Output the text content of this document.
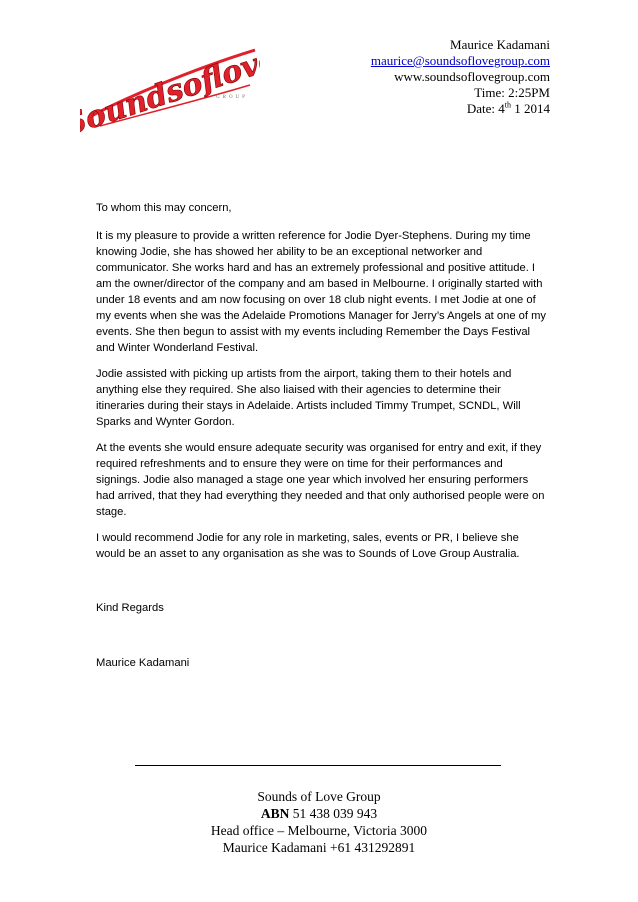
Soundsoflove
GROUP
Maurice Kadamani
maurice@soundsoflovegroup.com
www.soundsoflovegroup.com
Time: 2:25PM
Date: 4th 1 2014

To whom this may concern,

It is my pleasure to provide a written reference for Jodie Dyer-Stephens. During my time knowing Jodie, she has showed her ability to be an exceptional networker and communicator. She works hard and has an extremely professional and positive attitude. I am the owner/director of the company and am based in Melbourne. I originally started with under 18 events and am now focusing on over 18 club night events. I met Jodie at one of my events when she was the Adelaide Promotions Manager for Jerry’s Angels at one of my events. She then begun to assist with my events including Remember the Days Festival and Winter Wonderland Festival.

Jodie assisted with picking up artists from the airport, taking them to their hotels and anything else they required. She also liaised with their agencies to determine their itineraries during their stays in Adelaide. Artists included Timmy Trumpet, SCNDL, Will Sparks and Wynter Gordon.

At the events she would ensure adequate security was organised for entry and exit, if they required refreshments and to ensure they were on time for their performances and signings. Jodie also managed a stage one year which involved her ensuring performers had arrived, that they had everything they needed and that only authorised people were on stage.

I would recommend Jodie for any role in marketing, sales, events or PR, I believe she would be an asset to any organisation as she was to Sounds of Love Group Australia.

Kind Regards

Maurice Kadamani

Sounds of Love Group
ABN 51 438 039 943
Head office – Melbourne, Victoria 3000
Maurice Kadamani +61 431292891
